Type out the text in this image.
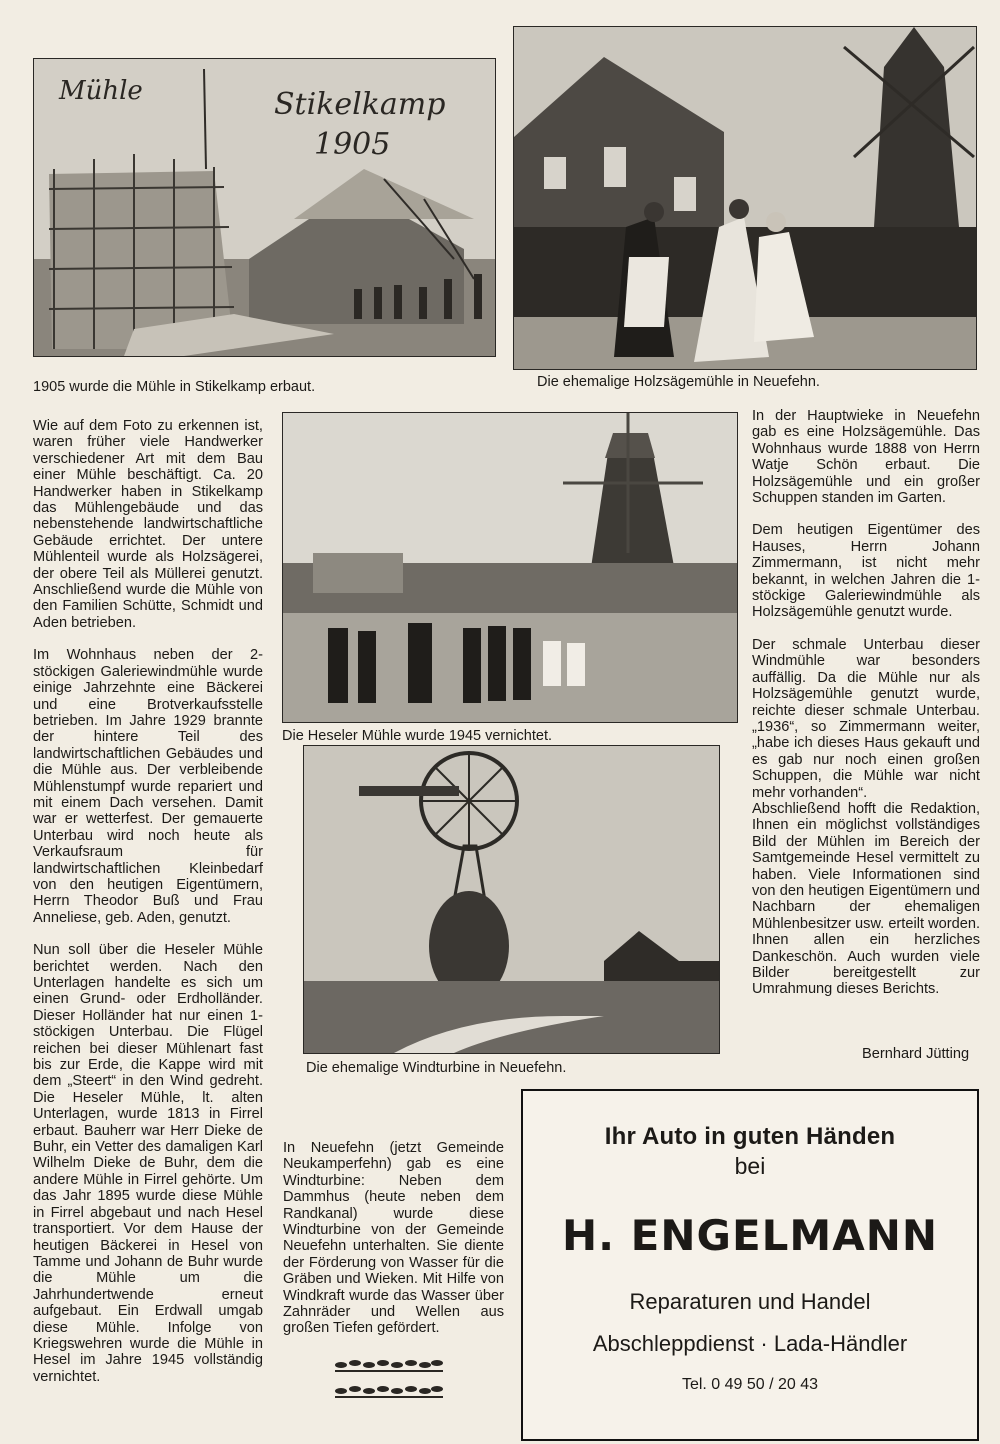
Mühle	Stikelkamp
1905
1905 wurde die Mühle in Stikelkamp erbaut.	Die ehemalige Holzsägemühle in Neuefehn.
Die Heseler Mühle wurde 1945 vernichtet.
Die ehemalige Windturbine in Neuefehn.

Wie auf dem Foto zu erkennen ist, waren früher viele Handwerker verschiedener Art mit dem Bau einer Mühle beschäftigt. Ca. 20 Handwerker haben in Stikelkamp das Mühlengebäude und das nebenstehende landwirtschaftliche Gebäude errichtet. Der untere Mühlenteil wurde als Holzsägerei, der obere Teil als Müllerei genutzt. Anschließend wurde die Mühle von den Familien Schütte, Schmidt und Aden betrieben.

Im Wohnhaus neben der 2-stöckigen Galeriewindmühle wurde einige Jahrzehnte eine Bäckerei und eine Brotverkaufsstelle betrieben. Im Jahre 1929 brannte der hintere Teil des landwirtschaftlichen Gebäudes und die Mühle aus. Der verbleibende Mühlenstumpf wurde repariert und mit einem Dach versehen. Damit war er wetterfest. Der gemauerte Unterbau wird noch heute als Verkaufsraum für landwirtschaftlichen Kleinbedarf von den heutigen Eigentümern, Herrn Theodor Buß und Frau Anneliese, geb. Aden, genutzt.

Nun soll über die Heseler Mühle berichtet werden. Nach den Unterlagen handelte es sich um einen Grund- oder Erdholländer. Dieser Holländer hat nur einen 1-stöckigen Unterbau. Die Flügel reichen bei dieser Mühlenart fast bis zur Erde, die Kappe wird mit dem „Steert“ in den Wind gedreht. Die Heseler Mühle, lt. alten Unterlagen, wurde 1813 in Firrel erbaut. Bauherr war Herr Dieke de Buhr, ein Vetter des damaligen Karl Wilhelm Dieke de Buhr, dem die andere Mühle in Firrel gehörte. Um das Jahr 1895 wurde diese Mühle in Firrel abgebaut und nach Hesel transportiert. Vor dem Hause der heutigen Bäckerei in Hesel von Tamme und Johann de Buhr wurde die Mühle um die Jahrhundertwende erneut aufgebaut. Ein Erdwall umgab diese Mühle. Infolge von Kriegswehren wurde die Mühle in Hesel im Jahre 1945 vollständig vernichtet.

In Neuefehn (jetzt Gemeinde Neukamperfehn) gab es eine Windturbine: Neben dem Dammhus (heute neben dem Randkanal) wurde diese Windturbine von der Gemeinde Neuefehn unterhalten. Sie diente der Förderung von Wasser für die Gräben und Wieken. Mit Hilfe von Windkraft wurde das Wasser über Zahnräder und Wellen aus großen Tiefen gefördert.

In der Hauptwieke in Neuefehn gab es eine Holzsägemühle. Das Wohnhaus wurde 1888 von Herrn Watje Schön erbaut. Die Holzsägemühle und ein großer Schuppen standen im Garten.

Dem heutigen Eigentümer des Hauses, Herrn Johann Zimmermann, ist nicht mehr bekannt, in welchen Jahren die 1-stöckige Galeriewindmühle als Holzsägemühle genutzt wurde.

Der schmale Unterbau dieser Windmühle war besonders auffällig. Da die Mühle nur als Holzsägemühle genutzt wurde, reichte dieser schmale Unterbau. „1936“, so Zimmermann weiter, „habe ich dieses Haus gekauft und es gab nur noch einen großen Schuppen, die Mühle war nicht mehr vorhanden“.
Abschließend hofft die Redaktion, Ihnen ein möglichst vollständiges Bild der Mühlen im Bereich der Samtgemeinde Hesel vermittelt zu haben. Viele Informationen sind von den heutigen Eigentümern und Nachbarn der ehemaligen Mühlenbesitzer usw. erteilt worden. Ihnen allen ein herzliches Dankeschön. Auch wurden viele Bilder bereitgestellt zur Umrahmung dieses Berichts.

Bernhard Jütting
Ihr Auto in guten Händen
bei
H. ENGELMANN
Reparaturen und Handel
Abschleppdienst · Lada-Händler
Tel. 0 49 50 / 20 43
